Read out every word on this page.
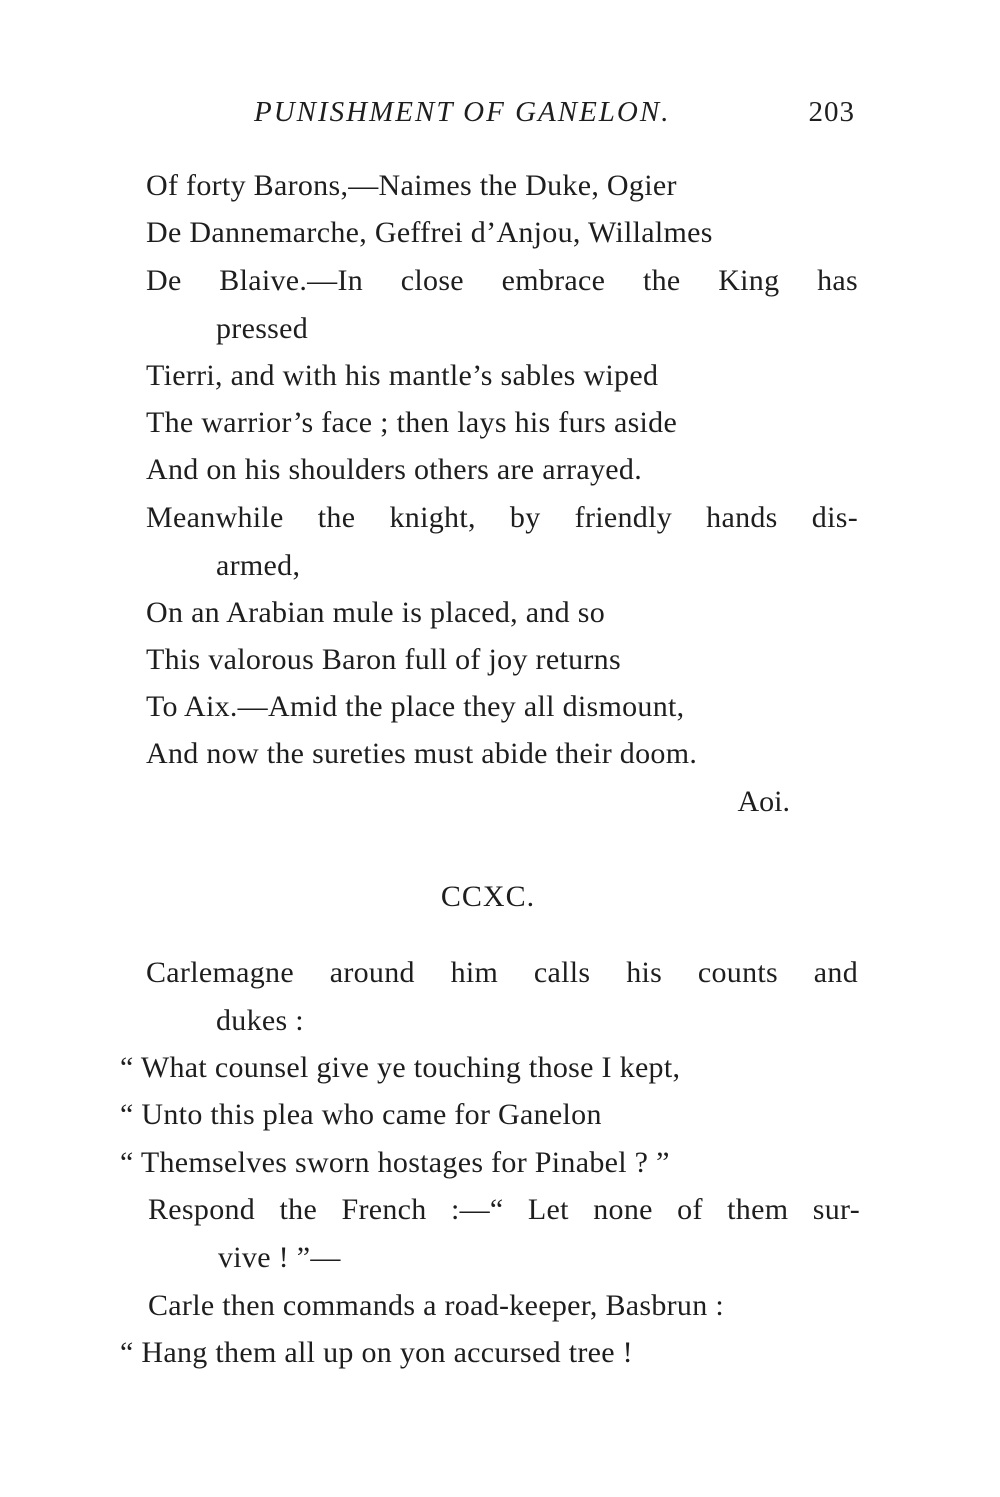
PUNISHMENT OF GANELON.	203
Of forty Barons,—Naimes the Duke, Ogier
De Dannemarche, Geffrei d’Anjou, Willalmes
De Blaive.—In close embrace the King has
pressed
Tierri, and with his mantle’s sables wiped
The warrior’s face ; then lays his furs aside
And on his shoulders others are arrayed.
Meanwhile the knight, by friendly hands dis-
armed,
On an Arabian mule is placed, and so
This valorous Baron full of joy returns
To Aix.—Amid the place they all dismount,
And now the sureties must abide their doom.
Aoi.
CCXC.
Carlemagne around him calls his counts and
dukes :
“ What counsel give ye touching those I kept,
“ Unto this plea who came for Ganelon
“ Themselves sworn hostages for Pinabel ? ”
Respond the French :—“ Let none of them sur-
vive ! ”—
Carle then commands a road-keeper, Basbrun :
“ Hang them all up on yon accursed tree !
